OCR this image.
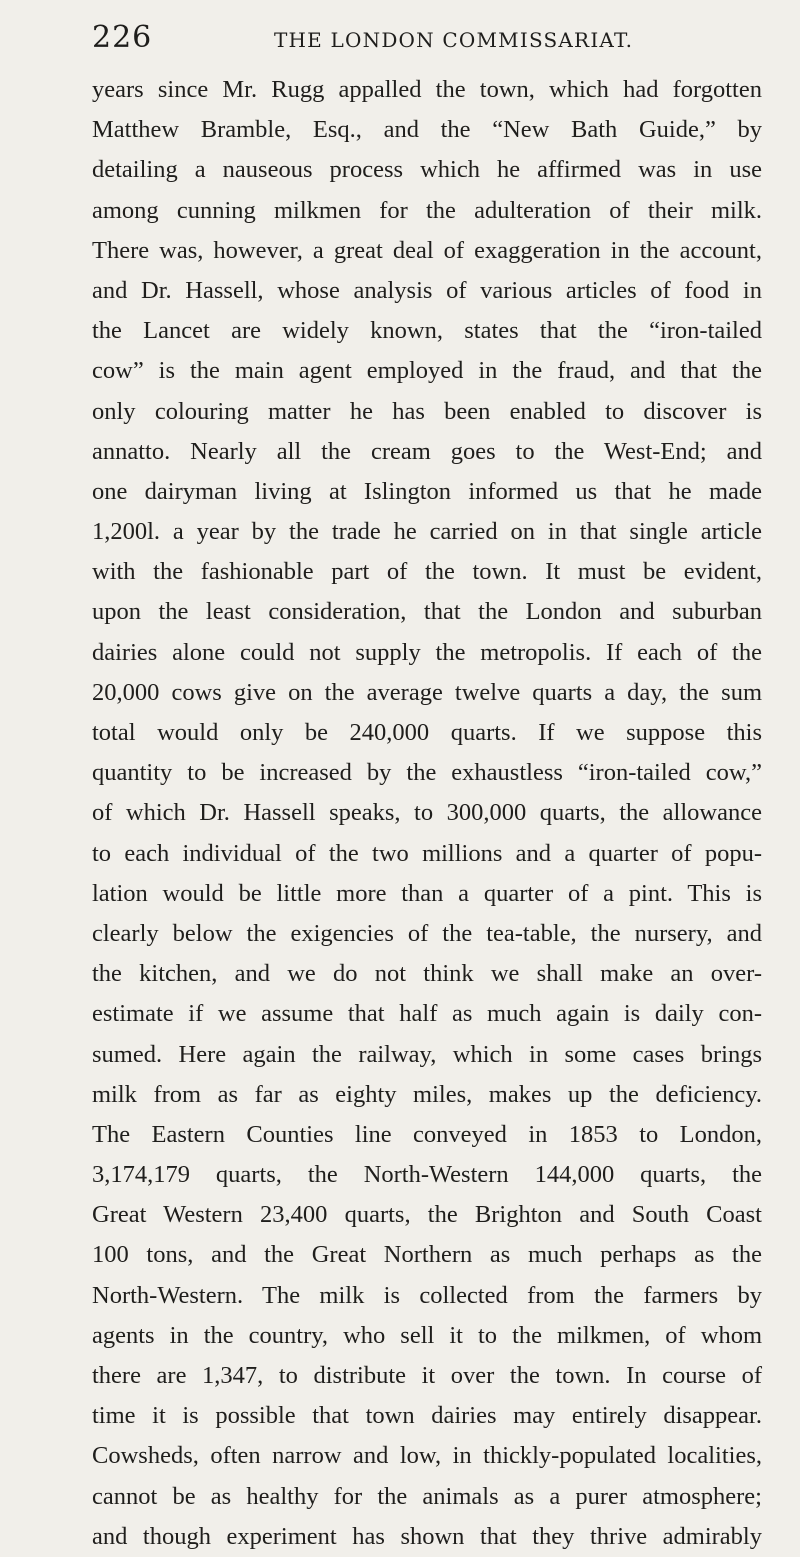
226	THE LONDON COMMISSARIAT.
years since Mr. Rugg appalled the town, which had forgotten
Matthew Bramble, Esq., and the “New Bath Guide,” by
detailing a nauseous process which he affirmed was in use
among cunning milkmen for the adulteration of their milk.
There was, however, a great deal of exaggeration in the account,
and Dr. Hassell, whose analysis of various articles of food in
the Lancet are widely known, states that the “iron-tailed
cow” is the main agent employed in the fraud, and that the
only colouring matter he has been enabled to discover is
annatto. Nearly all the cream goes to the West-End; and
one dairyman living at Islington informed us that he made
1,200l. a year by the trade he carried on in that single article
with the fashionable part of the town. It must be evident,
upon the least consideration, that the London and suburban
dairies alone could not supply the metropolis. If each of the
20,000 cows give on the average twelve quarts a day, the sum
total would only be 240,000 quarts. If we suppose this
quantity to be increased by the exhaustless “iron-tailed cow,”
of which Dr. Hassell speaks, to 300,000 quarts, the allowance
to each individual of the two millions and a quarter of popu-
lation would be little more than a quarter of a pint. This is
clearly below the exigencies of the tea-table, the nursery, and
the kitchen, and we do not think we shall make an over-
estimate if we assume that half as much again is daily con-
sumed. Here again the railway, which in some cases brings
milk from as far as eighty miles, makes up the deficiency.
The Eastern Counties line conveyed in 1853 to London,
3,174,179 quarts, the North-Western 144,000 quarts, the
Great Western 23,400 quarts, the Brighton and South Coast
100 tons, and the Great Northern as much perhaps as the
North-Western. The milk is collected from the farmers by
agents in the country, who sell it to the milkmen, of whom
there are 1,347, to distribute it over the town. In course of
time it is possible that town dairies may entirely disappear.
Cowsheds, often narrow and low, in thickly-populated localities,
cannot be as healthy for the animals as a purer atmosphere;
and though experiment has shown that they thrive admirably
